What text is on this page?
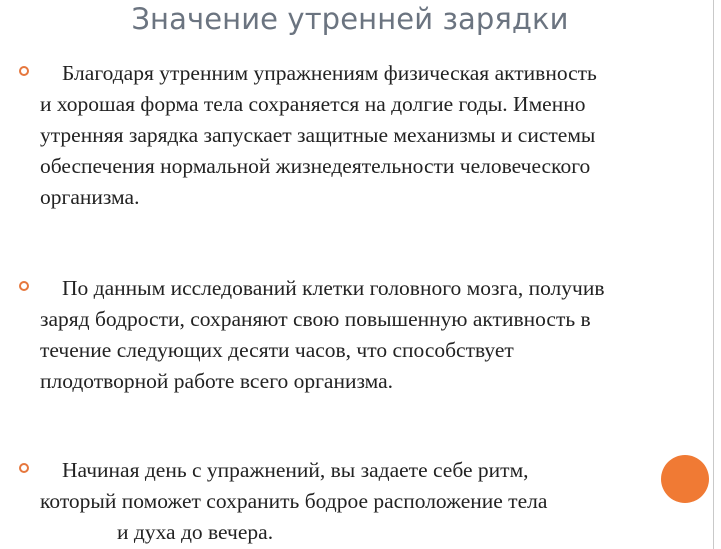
Значение утренней зарядки
Благодаря утренним упражнениям физическая активность
и хорошая форма тела сохраняется на долгие годы. Именно
утренняя зарядка запускает защитные механизмы и системы
обеспечения нормальной жизнедеятельности человеческого
организма.
По данным исследований клетки головного мозга, получив
заряд бодрости, сохраняют свою повышенную активность в
течение следующих десяти часов, что способствует
плодотворной работе всего организма.
Начиная день с упражнений, вы задаете себе ритм,
который поможет сохранить бодрое расположение тела
и духа до вечера.
